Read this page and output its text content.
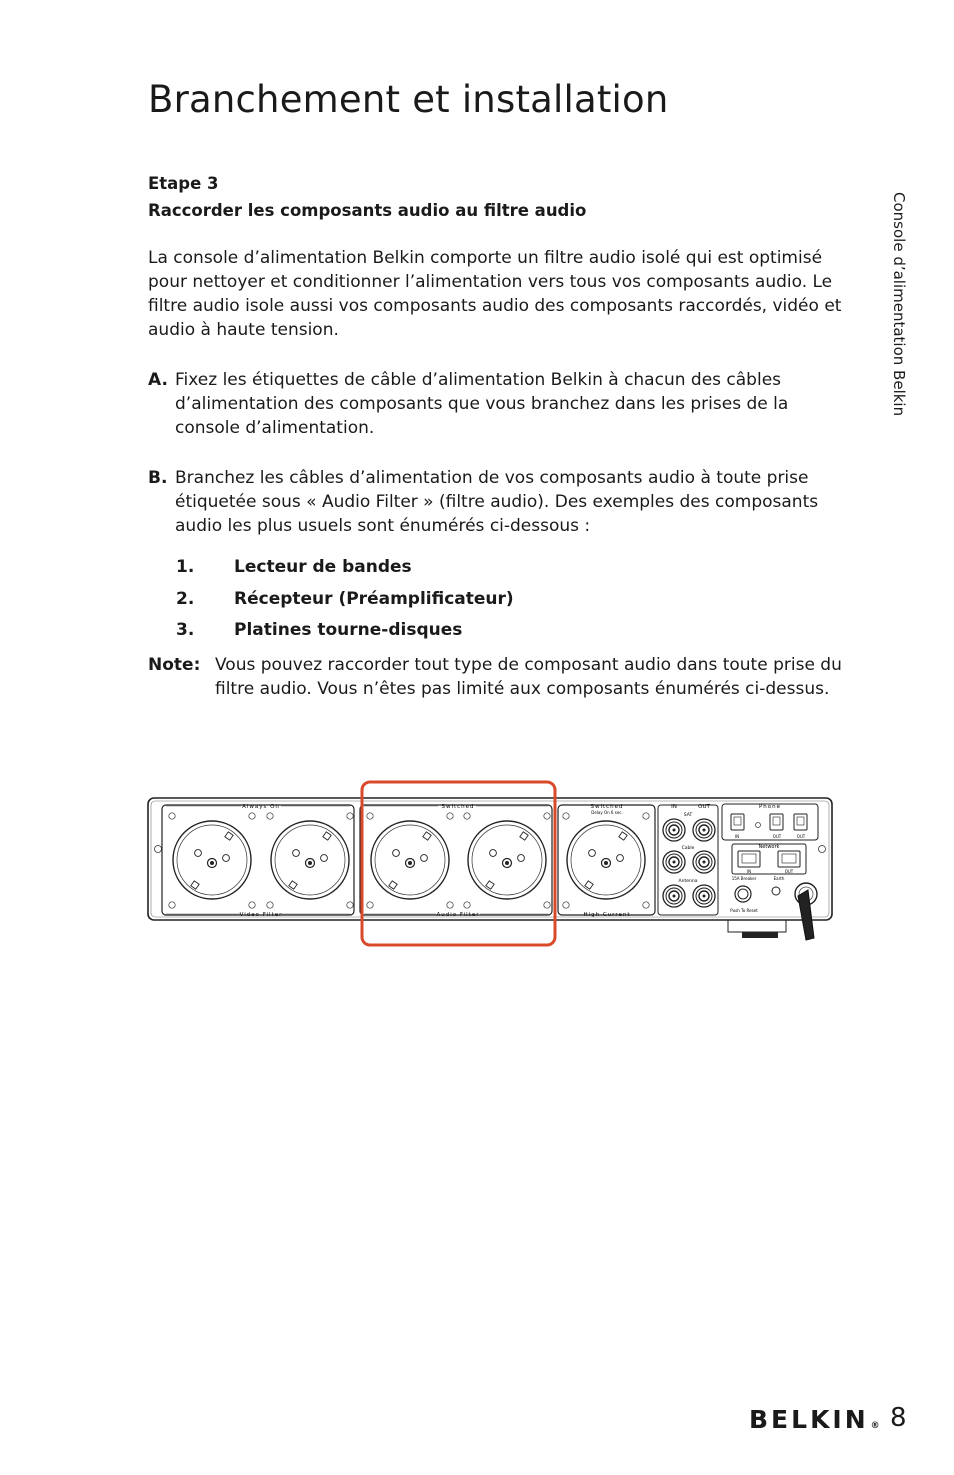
Branchement et installation
Console d’alimentation Belkin

Etape 3

Raccorder les composants audio au filtre audio

La console d’alimentation Belkin comporte un filtre audio isolé qui est optimisé pour nettoyer et conditionner l’alimentation vers tous vos composants audio. Le filtre audio isole aussi vos composants audio des composants raccordés, vidéo et audio à haute tension.

A. Fixez les étiquettes de câble d’alimentation Belkin à chacun des câbles d’alimentation des composants que vous branchez dans les prises de la console d’alimentation.
B. Branchez les câbles d’alimentation de vos composants audio à toute prise étiquetée sous « Audio Filter » (filtre audio). Des exemples des composants audio les plus usuels sont énumérés ci-dessous :
1.	Lecteur de bandes
2.	Récepteur (Préamplificateur)
3.	Platines tourne-disques
Note: Vous pouvez raccorder tout type de composant audio dans toute prise du filtre audio. Vous n’êtes pas limité aux composants énumérés ci-dessus.
Always On
Video Filter
Switched
Audio Filter
Switched
Delay On 6 sec.
High Current
IN	OUT
SAT
Cable
Antenna
Phone
IN	OUT	OUT
Network
IN	OUT
15A Breaker	Earth
Push To Reset
BELKIN ® 8
